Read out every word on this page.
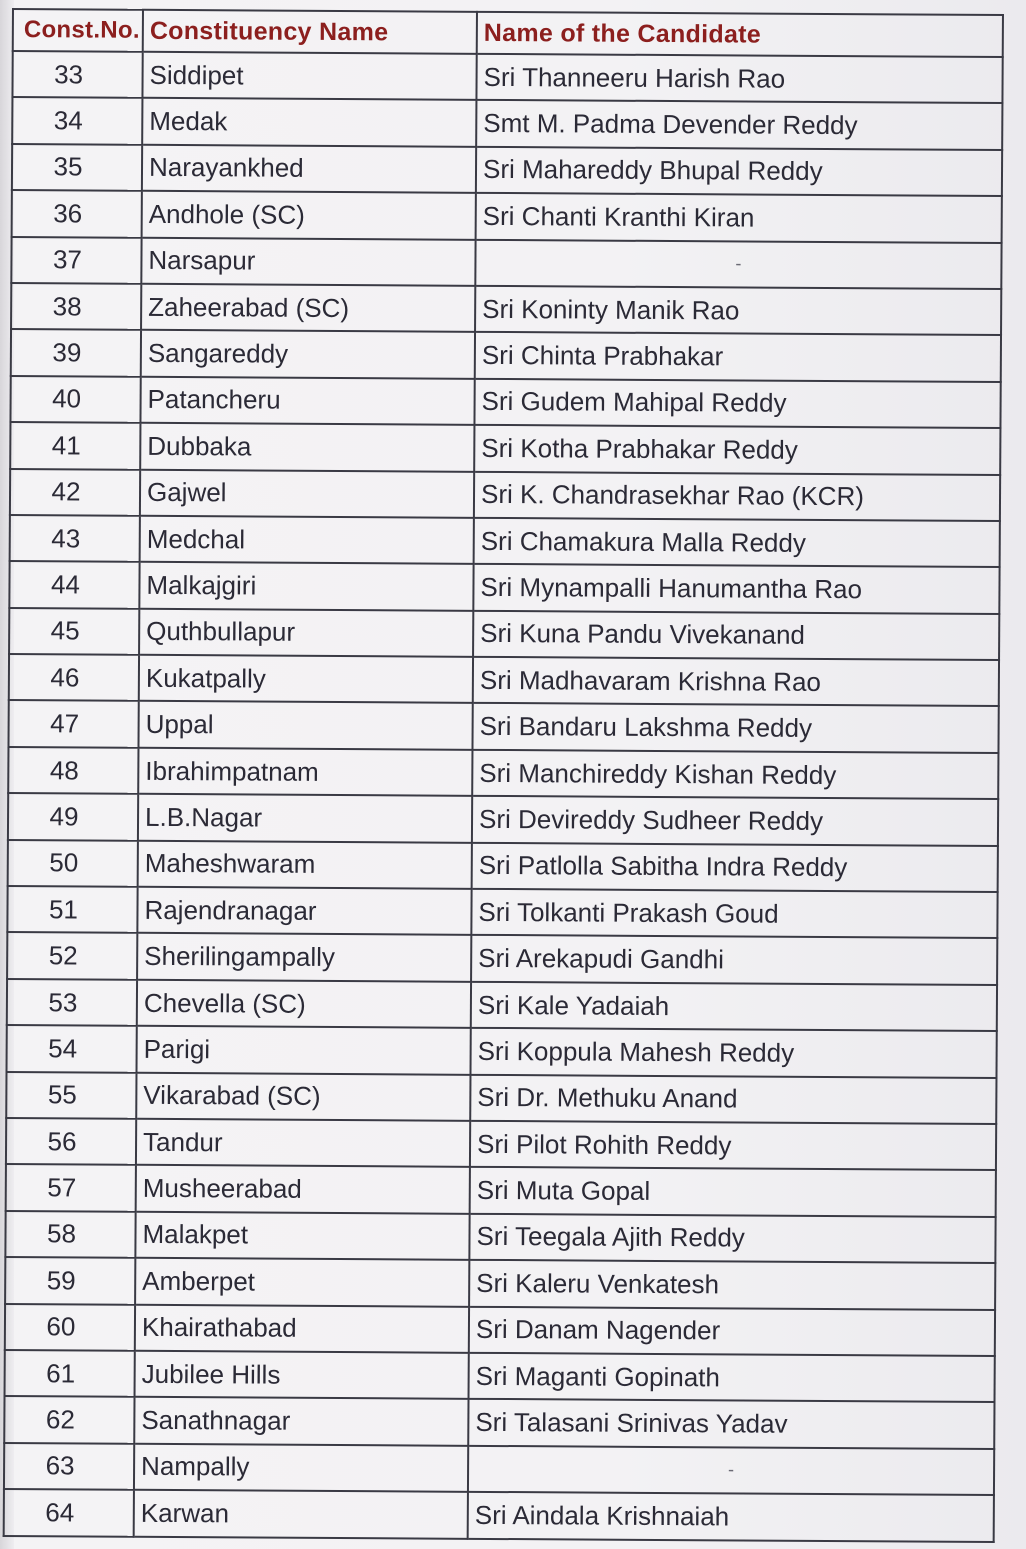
Const.No.	Constituency Name	Name of the Candidate
33	Siddipet	Sri Thanneeru Harish Rao
34	Medak	Smt M. Padma Devender Reddy
35	Narayankhed	Sri Mahareddy Bhupal Reddy
36	Andhole (SC)	Sri Chanti Kranthi Kiran
37	Narsapur	-
38	Zaheerabad (SC)	Sri Koninty Manik Rao
39	Sangareddy	Sri Chinta Prabhakar
40	Patancheru	Sri Gudem Mahipal Reddy
41	Dubbaka	Sri Kotha Prabhakar Reddy
42	Gajwel	Sri K. Chandrasekhar Rao (KCR)
43	Medchal	Sri Chamakura Malla Reddy
44	Malkajgiri	Sri Mynampalli Hanumantha Rao
45	Quthbullapur	Sri Kuna Pandu Vivekanand
46	Kukatpally	Sri Madhavaram Krishna Rao
47	Uppal	Sri Bandaru Lakshma Reddy
48	Ibrahimpatnam	Sri Manchireddy Kishan Reddy
49	L.B.Nagar	Sri Devireddy Sudheer Reddy
50	Maheshwaram	Sri Patlolla Sabitha Indra Reddy
51	Rajendranagar	Sri Tolkanti Prakash Goud
52	Sherilingampally	Sri Arekapudi Gandhi
53	Chevella (SC)	Sri Kale Yadaiah
54	Parigi	Sri Koppula Mahesh Reddy
55	Vikarabad (SC)	Sri Dr. Methuku Anand
56	Tandur	Sri Pilot Rohith Reddy
57	Musheerabad	Sri Muta Gopal
58	Malakpet	Sri Teegala Ajith Reddy
59	Amberpet	Sri Kaleru Venkatesh
60	Khairathabad	Sri Danam Nagender
61	Jubilee Hills	Sri Maganti Gopinath
62	Sanathnagar	Sri Talasani Srinivas Yadav
63	Nampally	-
64	Karwan	Sri Aindala Krishnaiah
